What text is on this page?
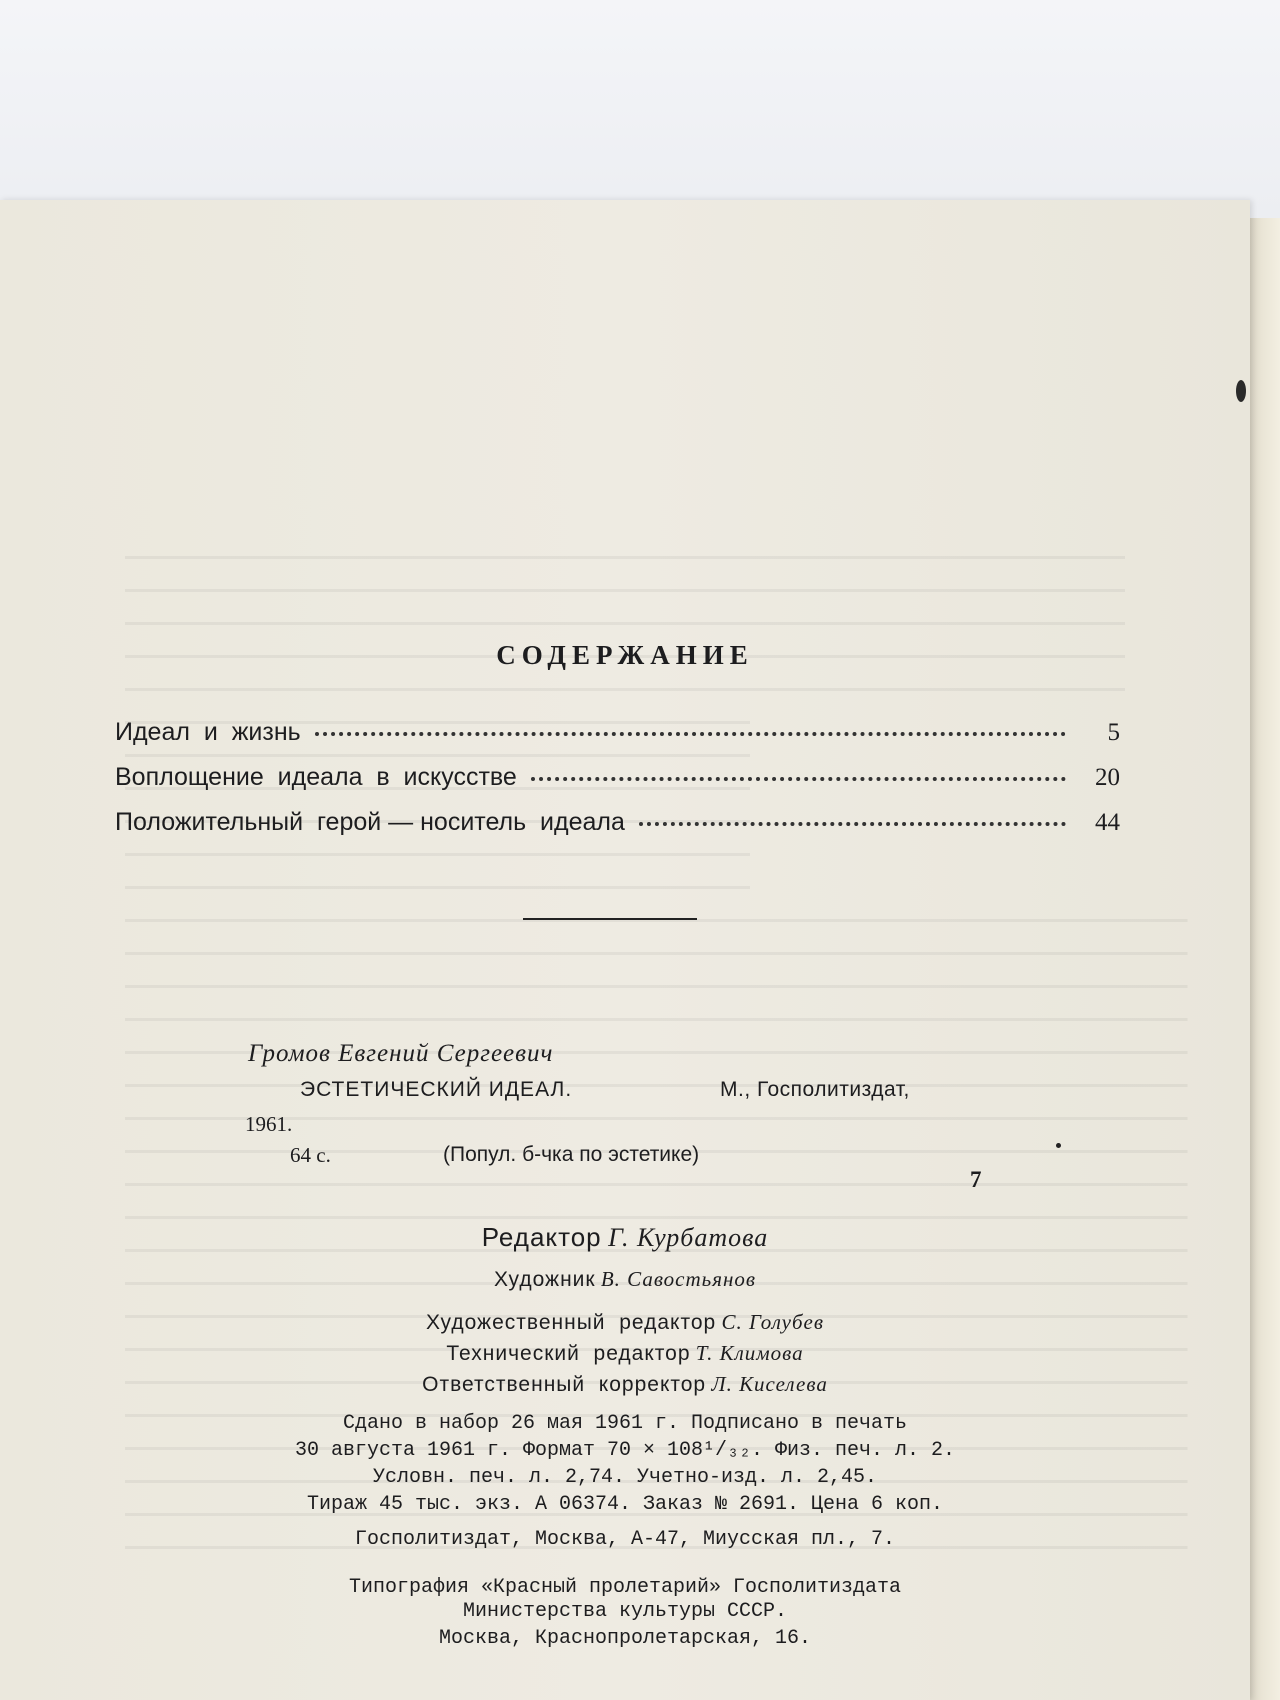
СОДЕРЖАНИЕ
Идеал  и  жизнь	5
Воплощение  идеала  в  искусстве	20
Положительный  герой — носитель  идеала	44
Громов Евгений Сергеевич
ЭСТЕТИЧЕСКИЙ ИДЕАЛ.	М., Госполитиздат,
1961.
64 с.	(Попул. б-чка по эстетике)
7
Редактор Г. Курбатова
Художник В. Савостьянов
Художественный  редактор С. Голубев
Технический  редактор Т. Климова
Ответственный  корректор Л. Киселева
Сдано в набор 26 мая 1961 г. Подписано в печать
30 августа 1961 г. Формат 70 × 108¹/₃₂. Физ. печ. л. 2.
Условн. печ. л. 2,74. Учетно-изд. л. 2,45.
Тираж 45 тыс. экз. А 06374. Заказ № 2691. Цена 6 коп.
Госполитиздат, Москва, А-47, Миусская пл., 7.
Типография «Красный пролетарий» Госполитиздата
Министерства культуры СССР.
Москва, Краснопролетарская, 16.
